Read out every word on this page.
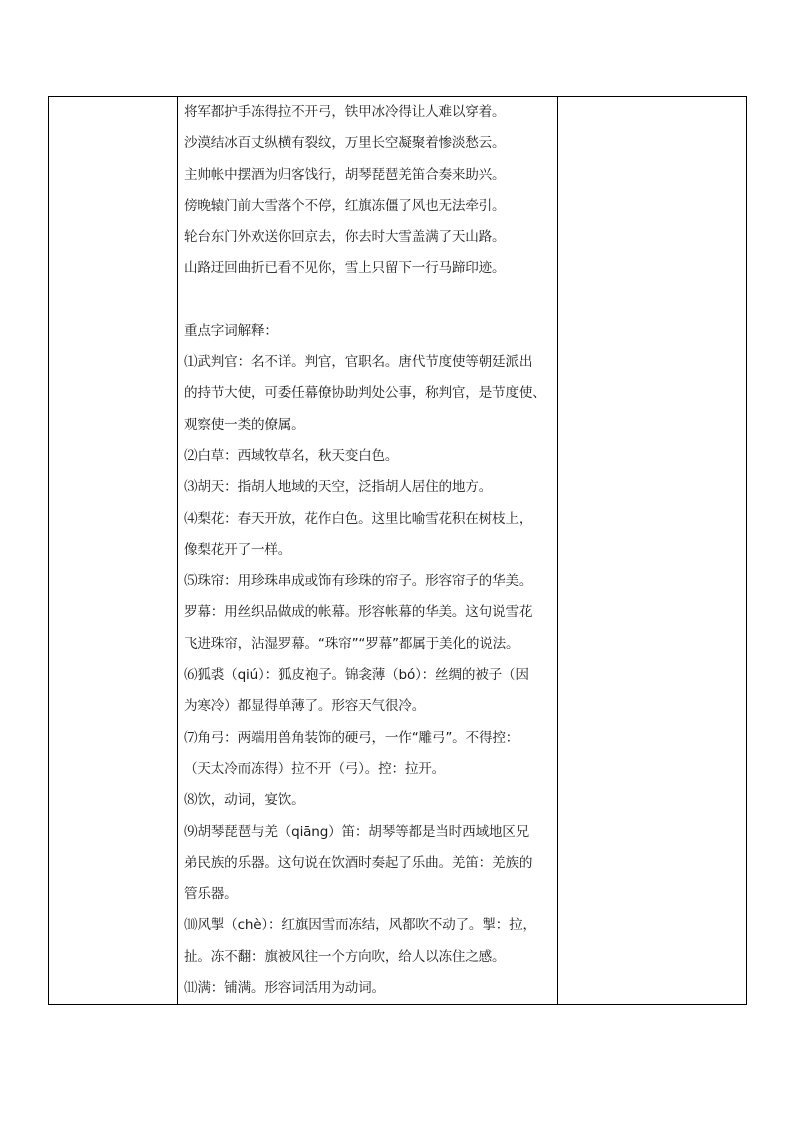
将军都护手冻得拉不开弓，铁甲冰冷得让人难以穿着。
沙漠结冰百丈纵横有裂纹，万里长空凝聚着惨淡愁云。
主帅帐中摆酒为归客饯行，胡琴琵琶羌笛合奏来助兴。
傍晚辕门前大雪落个不停，红旗冻僵了风也无法牵引。
轮台东门外欢送你回京去，你去时大雪盖满了天山路。
山路迂回曲折已看不见你，雪上只留下一行马蹄印迹。
重点字词解释：
⑴武判官：名不详。判官，官职名。唐代节度使等朝廷派出
的持节大使，可委任幕僚协助判处公事，称判官，是节度使、
观察使一类的僚属。
⑵白草：西域牧草名，秋天变白色。
⑶胡天：指胡人地域的天空，泛指胡人居住的地方。
⑷梨花：春天开放，花作白色。这里比喻雪花积在树枝上，
像梨花开了一样。
⑸珠帘：用珍珠串成或饰有珍珠的帘子。形容帘子的华美。
罗幕：用丝织品做成的帐幕。形容帐幕的华美。这句说雪花
飞进珠帘，沾湿罗幕。“珠帘”“罗幕”都属于美化的说法。
⑹狐裘（qiú）：狐皮袍子。锦衾薄（bó）：丝绸的被子（因
为寒冷）都显得单薄了。形容天气很冷。
⑺角弓：两端用兽角装饰的硬弓，一作“雕弓”。不得控：
（天太冷而冻得）拉不开（弓）。控：拉开。
⑻饮，动词，宴饮。
⑼胡琴琵琶与羌（qiāng）笛：胡琴等都是当时西域地区兄
弟民族的乐器。这句说在饮酒时奏起了乐曲。羌笛：羌族的
管乐器。
⑽风掣（chè）：红旗因雪而冻结，风都吹不动了。掣：拉，
扯。冻不翻：旗被风往一个方向吹，给人以冻住之感。
⑾满：铺满。形容词活用为动词。
